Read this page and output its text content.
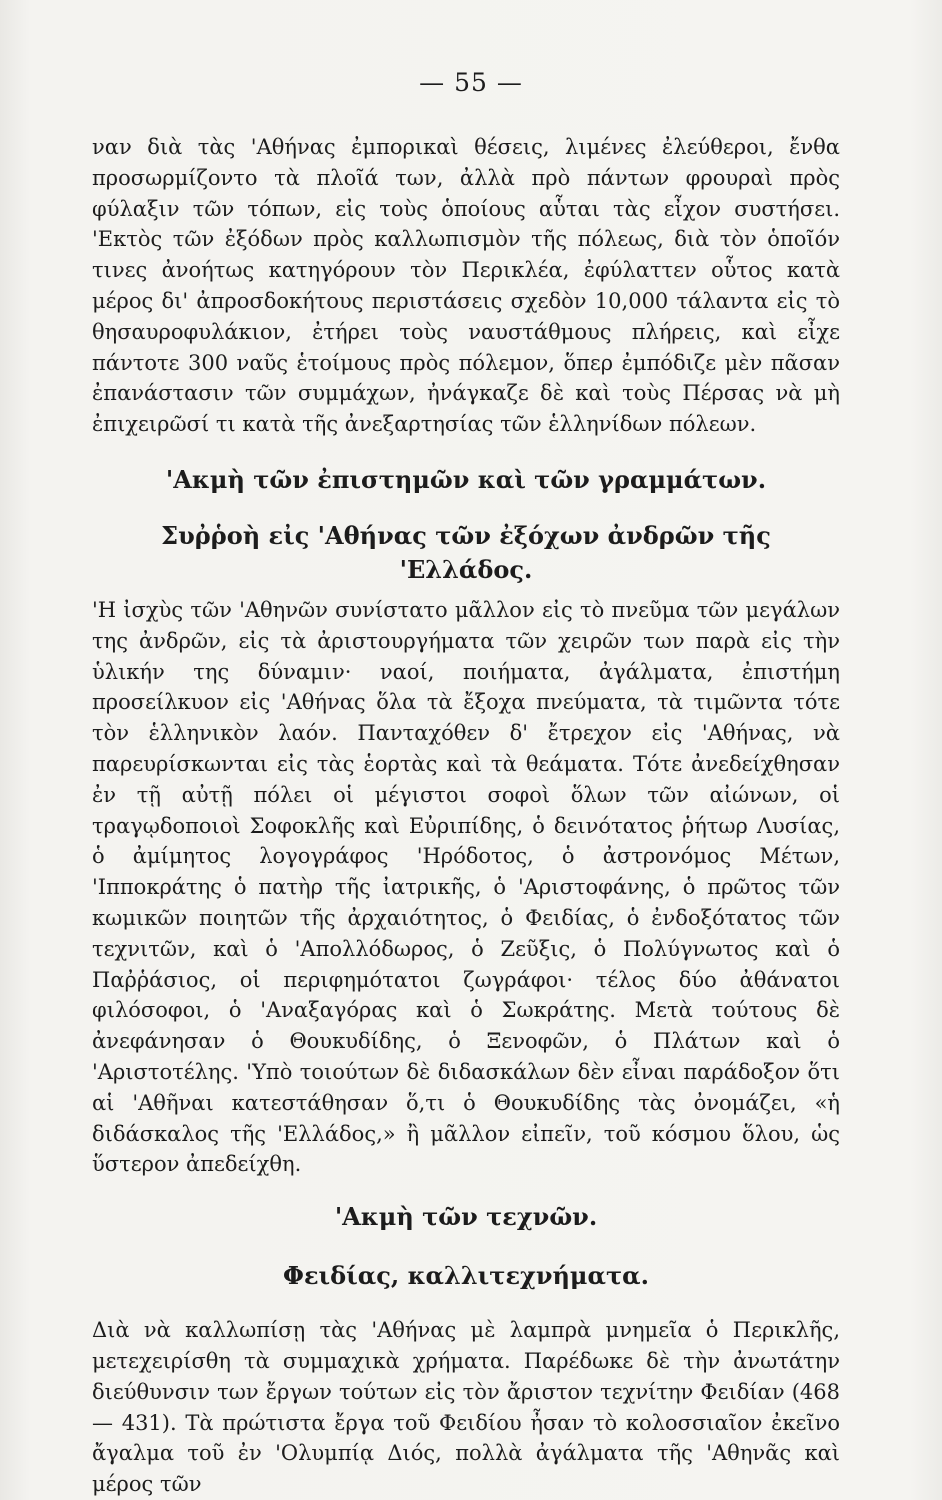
— 55 —

ναν διὰ τὰς 'Αθήνας ἐμπορικαὶ θέσεις, λιμένες ἐλεύθεροι, ἔνθα προσωρμίζοντο τὰ πλοῖά των, ἀλλὰ πρὸ πάντων φρουραὶ πρὸς φύλαξιν τῶν τόπων, εἰς τοὺς ὁποίους αὗται τὰς εἶχον συστήσει. 'Εκτὸς τῶν ἐξόδων πρὸς καλλωπισμὸν τῆς πόλεως, διὰ τὸν ὁποῖόν τινες ἀνοήτως κατηγόρουν τὸν Περικλέα, ἐφύλαττεν οὗτος κατὰ μέρος δι' ἀπροσδοκήτους περιστάσεις σχεδὸν 10,000 τάλαντα εἰς τὸ θησαυροφυλάκιον, ἐτήρει τοὺς ναυστάθμους πλήρεις, καὶ εἶχε πάντοτε 300 ναῦς ἑτοίμους πρὸς πόλεμον, ὅπερ ἐμπόδιζε μὲν πᾶσαν ἐπανάστασιν τῶν συμμάχων, ἠνάγκαζε δὲ καὶ τοὺς Πέρσας νὰ μὴ ἐπιχειρῶσί τι κατὰ τῆς ἀνεξαρτησίας τῶν ἑλληνίδων πόλεων.

'Ακμὴ τῶν ἐπιστημῶν καὶ τῶν γραμμάτων.
Συῤῥοὴ εἰς 'Αθήνας τῶν ἐξόχων ἀνδρῶν τῆς 'Ελλάδος.

'Η ἰσχὺς τῶν 'Αθηνῶν συνίστατο μᾶλλον εἰς τὸ πνεῦμα τῶν μεγάλων της ἀνδρῶν, εἰς τὰ ἀριστουργήματα τῶν χειρῶν των παρὰ εἰς τὴν ὑλικήν της δύναμιν· ναοί, ποιήματα, ἀγάλματα, ἐπιστήμη προσείλκυον εἰς 'Αθήνας ὅλα τὰ ἔξοχα πνεύματα, τὰ τιμῶντα τότε τὸν ἑλληνικὸν λαόν. Πανταχόθεν δ' ἔτρεχον εἰς 'Αθήνας, νὰ παρευρίσκωνται εἰς τὰς ἑορτὰς καὶ τὰ θεάματα. Τότε ἀνεδείχθησαν ἐν τῇ αὐτῇ πόλει οἱ μέγιστοι σοφοὶ ὅλων τῶν αἰώνων, οἱ τραγῳδοποιοὶ Σοφοκλῆς καὶ Εὐριπίδης, ὁ δεινότατος ῥήτωρ Λυσίας, ὁ ἀμίμητος λογογράφος 'Ηρόδοτος, ὁ ἀστρονόμος Μέτων, 'Ιπποκράτης ὁ πατὴρ τῆς ἰατρικῆς, ὁ 'Αριστοφάνης, ὁ πρῶτος τῶν κωμικῶν ποιητῶν τῆς ἀρχαιότητος, ὁ Φειδίας, ὁ ἐνδοξότατος τῶν τεχνιτῶν, καὶ ὁ 'Απολλόδωρος, ὁ Ζεῦξις, ὁ Πολύγνωτος καὶ ὁ Παῤῥάσιος, οἱ περιφημότατοι ζωγράφοι· τέλος δύο ἀθάνατοι φιλόσοφοι, ὁ 'Αναξαγόρας καὶ ὁ Σωκράτης. Μετὰ τούτους δὲ ἀνεφάνησαν ὁ Θουκυδίδης, ὁ Ξενοφῶν, ὁ Πλάτων καὶ ὁ 'Αριστοτέλης. 'Υπὸ τοιούτων δὲ διδασκάλων δὲν εἶναι παράδοξον ὅτι αἱ 'Αθῆναι κατεστάθησαν ὅ,τι ὁ Θουκυδίδης τὰς ὀνομάζει, «ἡ διδάσκαλος τῆς 'Ελλάδος,» ἢ μᾶλλον εἰπεῖν, τοῦ κόσμου ὅλου, ὡς ὕστερον ἀπεδείχθη.

'Ακμὴ τῶν τεχνῶν.
Φειδίας, καλλιτεχνήματα.

Διὰ νὰ καλλωπίσῃ τὰς 'Αθήνας μὲ λαμπρὰ μνημεῖα ὁ Περικλῆς, μετεχειρίσθη τὰ συμμαχικὰ χρήματα. Παρέδωκε δὲ τὴν ἀνωτάτην διεύθυνσιν των ἔργων τούτων εἰς τὸν ἄριστον τεχνίτην Φειδίαν (468 — 431). Τὰ πρώτιστα ἔργα τοῦ Φειδίου ἦσαν τὸ κολοσσιαῖον ἐκεῖνο ἄγαλμα τοῦ ἐν 'Ολυμπίᾳ Διός, πολλὰ ἀγάλματα τῆς 'Αθηνᾶς καὶ μέρος τῶν
